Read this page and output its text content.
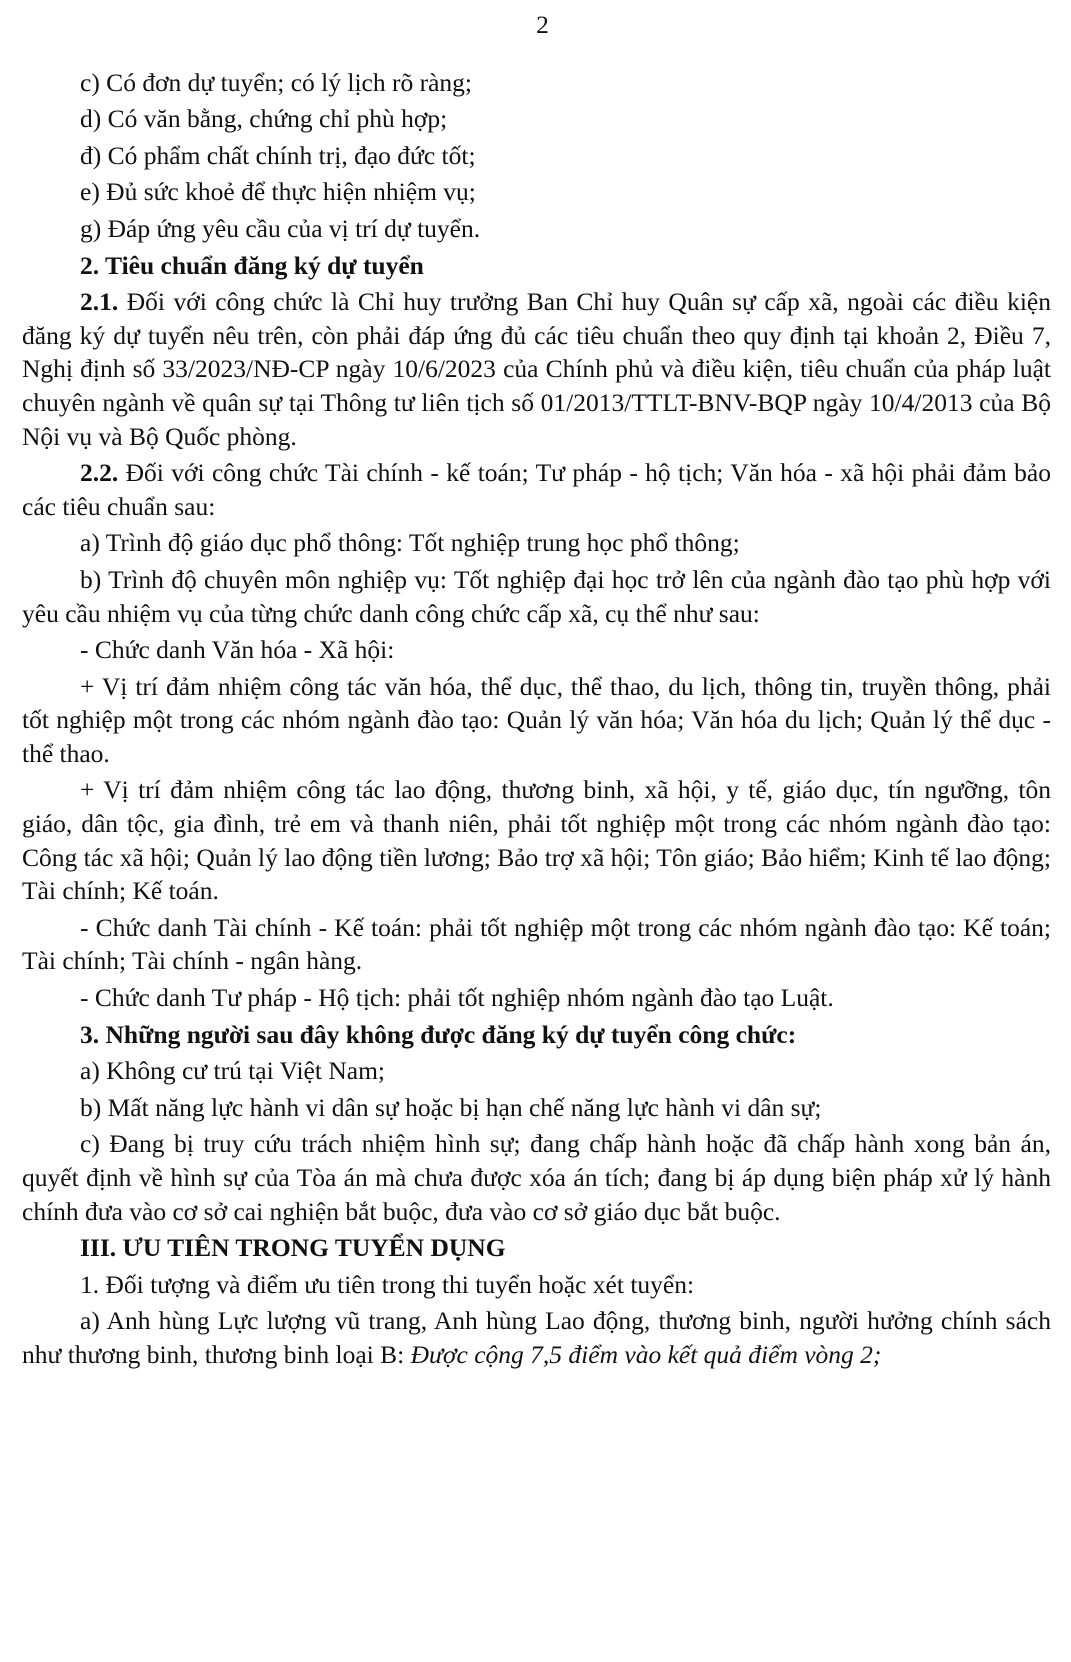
2

c) Có đơn dự tuyển; có lý lịch rõ ràng;

d) Có văn bằng, chứng chỉ phù hợp;

đ) Có phẩm chất chính trị, đạo đức tốt;

e) Đủ sức khoẻ để thực hiện nhiệm vụ;

g) Đáp ứng yêu cầu của vị trí dự tuyển.

2. Tiêu chuẩn đăng ký dự tuyển

2.1. Đối với công chức là Chỉ huy trưởng Ban Chỉ huy Quân sự cấp xã, ngoài các điều kiện đăng ký dự tuyển nêu trên, còn phải đáp ứng đủ các tiêu chuẩn theo quy định tại khoản 2, Điều 7, Nghị định số 33/2023/NĐ-CP ngày 10/6/2023 của Chính phủ và điều kiện, tiêu chuẩn của pháp luật chuyên ngành về quân sự tại Thông tư liên tịch số 01/2013/TTLT-BNV-BQP ngày 10/4/2013 của Bộ Nội vụ và Bộ Quốc phòng.

2.2. Đối với công chức Tài chính - kế toán; Tư pháp - hộ tịch; Văn hóa - xã hội phải đảm bảo các tiêu chuẩn sau:

a) Trình độ giáo dục phổ thông: Tốt nghiệp trung học phổ thông;

b) Trình độ chuyên môn nghiệp vụ: Tốt nghiệp đại học trở lên của ngành đào tạo phù hợp với yêu cầu nhiệm vụ của từng chức danh công chức cấp xã, cụ thể như sau:

- Chức danh Văn hóa - Xã hội:

+ Vị trí đảm nhiệm công tác văn hóa, thể dục, thể thao, du lịch, thông tin, truyền thông, phải tốt nghiệp một trong các nhóm ngành đào tạo: Quản lý văn hóa; Văn hóa du lịch; Quản lý thể dục - thể thao.

+ Vị trí đảm nhiệm công tác lao động, thương binh, xã hội, y tế, giáo dục, tín ngưỡng, tôn giáo, dân tộc, gia đình, trẻ em và thanh niên, phải tốt nghiệp một trong các nhóm ngành đào tạo: Công tác xã hội; Quản lý lao động tiền lương; Bảo trợ xã hội; Tôn giáo; Bảo hiểm; Kinh tế lao động; Tài chính; Kế toán.

- Chức danh Tài chính - Kế toán: phải tốt nghiệp một trong các nhóm ngành đào tạo: Kế toán; Tài chính; Tài chính - ngân hàng.

- Chức danh Tư pháp - Hộ tịch: phải tốt nghiệp nhóm ngành đào tạo Luật.

3. Những người sau đây không được đăng ký dự tuyển công chức:

a) Không cư trú tại Việt Nam;

b) Mất năng lực hành vi dân sự hoặc bị hạn chế năng lực hành vi dân sự;

c) Đang bị truy cứu trách nhiệm hình sự; đang chấp hành hoặc đã chấp hành xong bản án, quyết định về hình sự của Tòa án mà chưa được xóa án tích; đang bị áp dụng biện pháp xử lý hành chính đưa vào cơ sở cai nghiện bắt buộc, đưa vào cơ sở giáo dục bắt buộc.

III. ƯU TIÊN TRONG TUYỂN DỤNG

1. Đối tượng và điểm ưu tiên trong thi tuyển hoặc xét tuyển:

a) Anh hùng Lực lượng vũ trang, Anh hùng Lao động, thương binh, người hưởng chính sách như thương binh, thương binh loại B: Được cộng 7,5 điểm vào kết quả điểm vòng 2;
